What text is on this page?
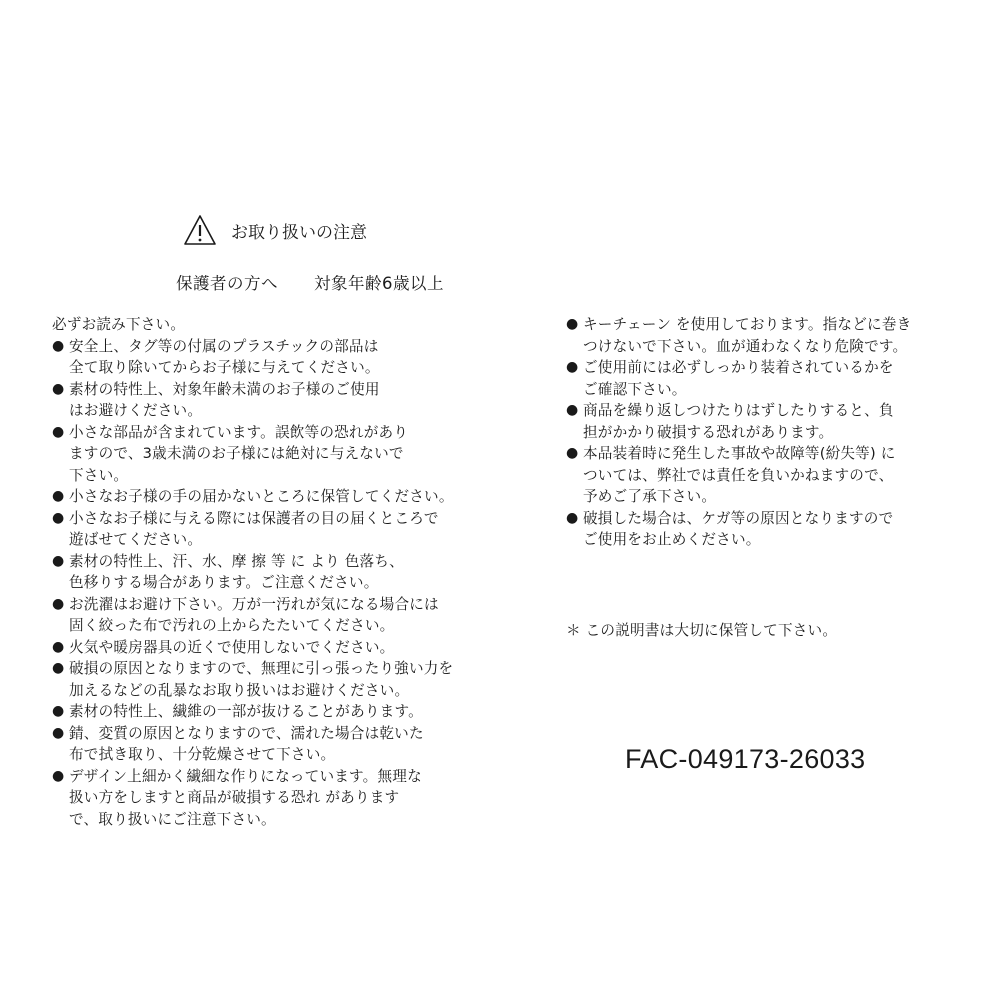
お取り扱いの注意
保護者の方へ 対象年齢6歳以上
必ずお読み下さい。
● 安全上、タグ等の付属のプラスチックの部品は
全て取り除いてからお子様に与えてください。
● 素材の特性上、対象年齢未満のお子様のご使用
はお避けください。
● 小さな部品が含まれています。誤飲等の恐れがあり
ますので、3歳未満のお子様には絶対に与えないで
下さい。
● 小さなお子様の手の届かないところに保管してください。
● 小さなお子様に与える際には保護者の目の届くところで
遊ばせてください。
● 素材の特性上、汗、水、摩 擦 等 に より 色落ち、
色移りする場合があります。ご注意ください。
● お洗濯はお避け下さい。万が一汚れが気になる場合には
固く絞った布で汚れの上からたたいてください。
● 火気や暖房器具の近くで使用しないでください。
● 破損の原因となりますので、無理に引っ張ったり強い力を
加えるなどの乱暴なお取り扱いはお避けください。
● 素材の特性上、繊維の一部が抜けることがあります。
● 錆、変質の原因となりますので、濡れた場合は乾いた
布で拭き取り、十分乾燥させて下さい。
● デザイン上細かく繊細な作りになっています。無理な
扱い方をしますと商品が破損する恐れ があります
で、取り扱いにご注意下さい。
● キーチェーン を使用しております。指などに巻き
つけないで下さい。血が通わなくなり危険です。
● ご使用前には必ずしっかり装着されているかを
ご確認下さい。
● 商品を繰り返しつけたりはずしたりすると、負
担がかかり破損する恐れがあります。
● 本品装着時に発生した事故や故障等(紛失等) に
ついては、弊社では責任を負いかねますので、
予めご了承下さい。
● 破損した場合は、ケガ等の原因となりますので
ご使用をお止めください。
＊ この説明書は大切に保管して下さい。
FAC-049173-26033
